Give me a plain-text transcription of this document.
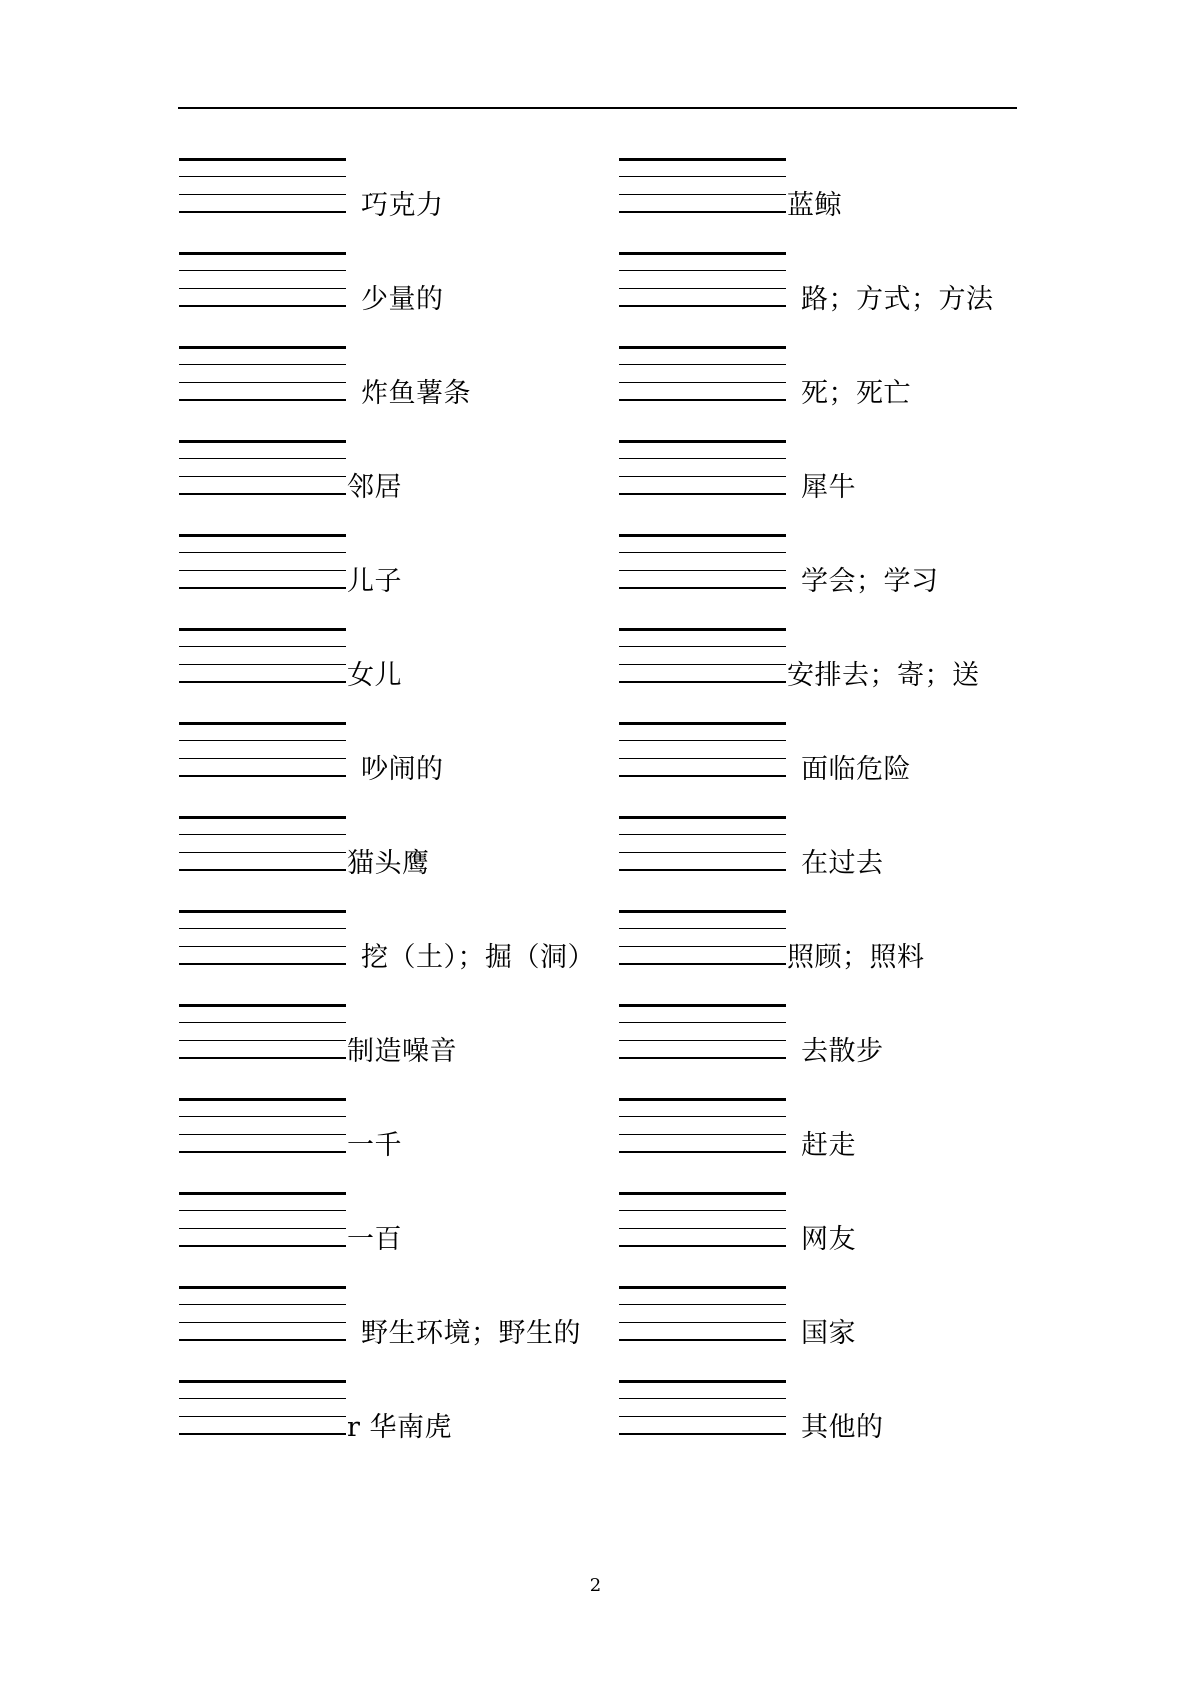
巧克力
少量的
炸鱼薯条
邻居
儿子
女儿
吵闹的
猫头鹰
挖（土）；掘（洞）
制造噪音
一千
一百
野生环境；野生的
r 华南虎
蓝鲸
路；方式；方法
死；死亡
犀牛
学会；学习
安排去；寄；送
面临危险
在过去
照顾；照料
去散步
赶走
网友
国家
其他的
2
